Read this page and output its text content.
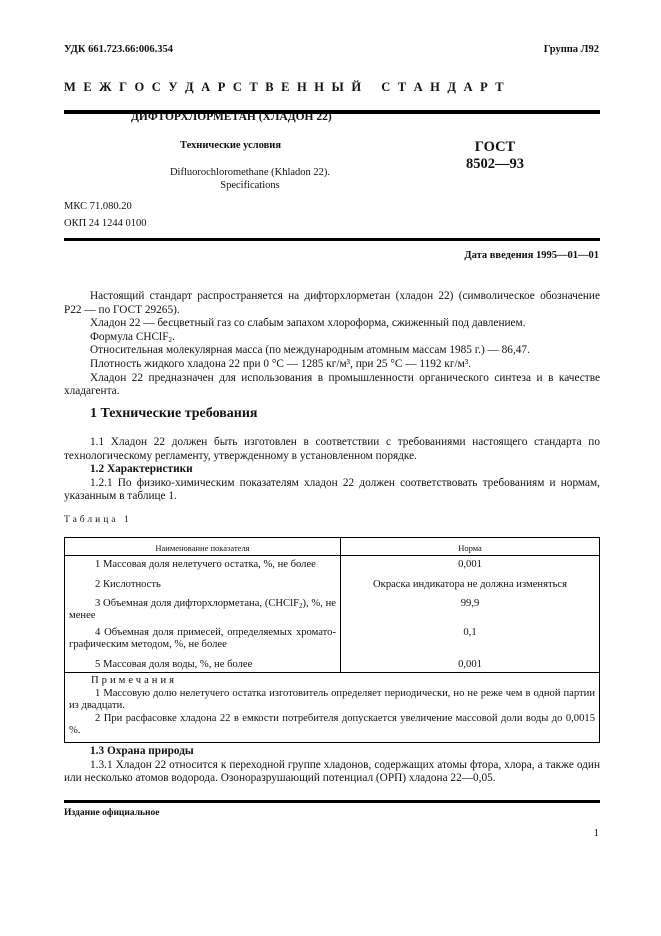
УДК 661.723.66:006.354	Группа Л92
М Е Ж Г О С У Д А Р С Т В Е Н Н Ы Й   С Т А Н Д А Р Т
ДИФТОРХЛОРМЕТАН (ХЛАДОН 22)
Технические условия
Difluorochloromethane (Khladon 22).
Specifications
ГОСТ
8502—93
МКС 71.080.20
ОКП 24 1244 0100
Дата введения 1995—01—01
Настоящий стандарт распространяется на дифторхлорметан (хладон 22) (символическое обозначение Р22 — по ГОСТ 29265).
Хладон 22 — бесцветный газ со слабым запахом хлороформа, сжиженный под давлением.
Формула CHClF$_2$.
Относительная молекулярная масса (по международным атомным массам 1985 г.) — 86,47.
Плотность жидкого хладона 22 при 0 °С — 1285 кг/м³, при 25 °С — 1192 кг/м³.
Хладон 22 предназначен для использования в промышленности органического синтеза и в качестве хладагента.
1 Технические требования
1.1 Хладон 22 должен быть изготовлен в соответствии с требованиями настоящего стандарта по технологическому регламенту, утвержденному в установленном порядке.
1.2 Характеристики
1.2.1 По физико-химическим показателям хладон 22 должен соответствовать требованиям и нормам, указанным в таблице 1.
Таблица 1
Наименование показателя	Норма
1 Массовая доля нелетучего остатка, %, не более	0,001
2 Кислотность	Окраска индикатора не должна изменяться
3 Объемная доля дифторхлорметана, (CHClF$_2$), %, не менее	99,9
4 Объемная доля примесей, определяемых хромато-графическим методом, %, не более	0,1
5 Массовая доля воды, %, не более	0,001

Примечания
1 Массовую долю нелетучего остатка изготовитель определяет периодически, но не реже чем в одной партии из двадцати.
2 При расфасовке хладона 22 в емкости потребителя допускается увеличение массовой доли воды до 0,0015 %.	
1.3 Охрана природы
1.3.1 Хладон 22 относится к переходной группе хладонов, содержащих атомы фтора, хлора, а также один или несколько атомов водорода. Озоноразрушающий потенциал (ОРП) хладона 22—0,05.
Издание официальное
1
